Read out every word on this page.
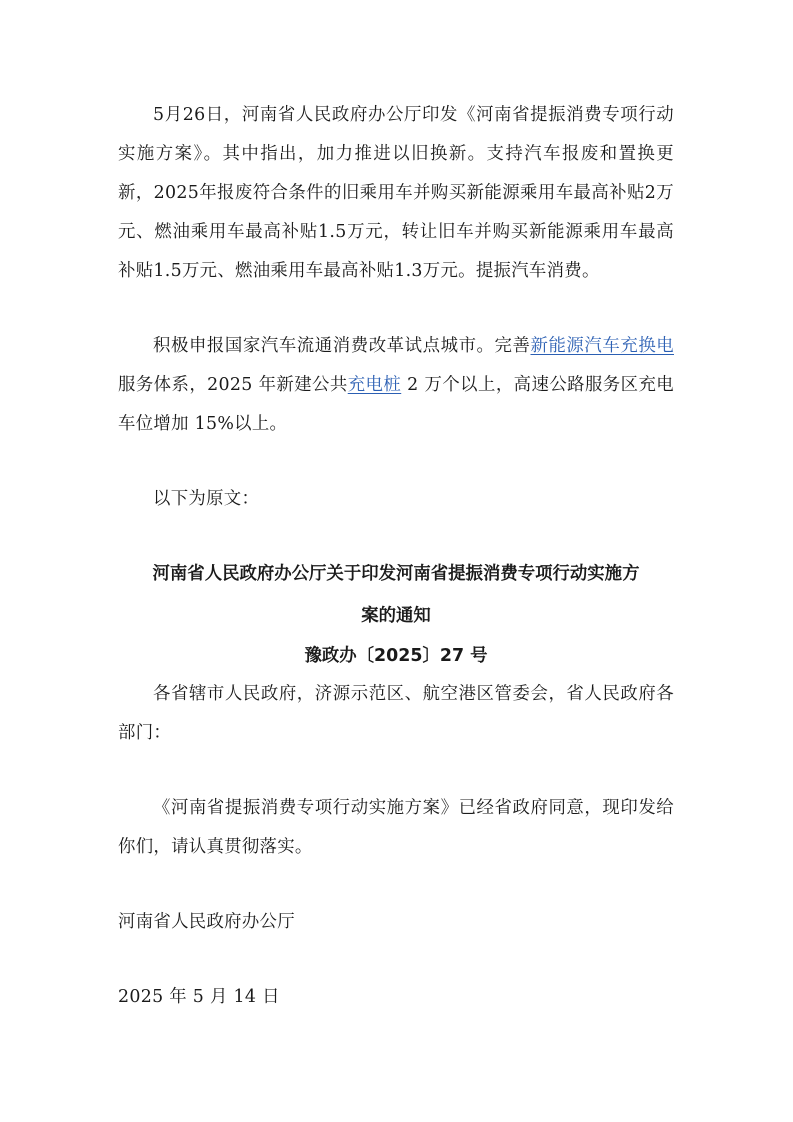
5月26日，河南省人民政府办公厅印发《河南省提振消费专项行动实施方案》。其中指出，加力推进以旧换新。支持汽车报废和置换更新，2025年报废符合条件的旧乘用车并购买新能源乘用车最高补贴2万元、燃油乘用车最高补贴1.5万元，转让旧车并购买新能源乘用车最高补贴1.5万元、燃油乘用车最高补贴1.3万元。提振汽车消费。

积极申报国家汽车流通消费改革试点城市。完善新能源汽车充换电服务体系，2025 年新建公共充电桩 2 万个以上，高速公路服务区充电车位增加 15%以上。

以下为原文：

河南省人民政府办公厅关于印发河南省提振消费专项行动实施方

案的通知

豫政办〔2025〕27 号

各省辖市人民政府，济源示范区、航空港区管委会，省人民政府各部门：

《河南省提振消费专项行动实施方案》已经省政府同意，现印发给你们，请认真贯彻落实。

河南省人民政府办公厅

2025 年 5 月 14 日
